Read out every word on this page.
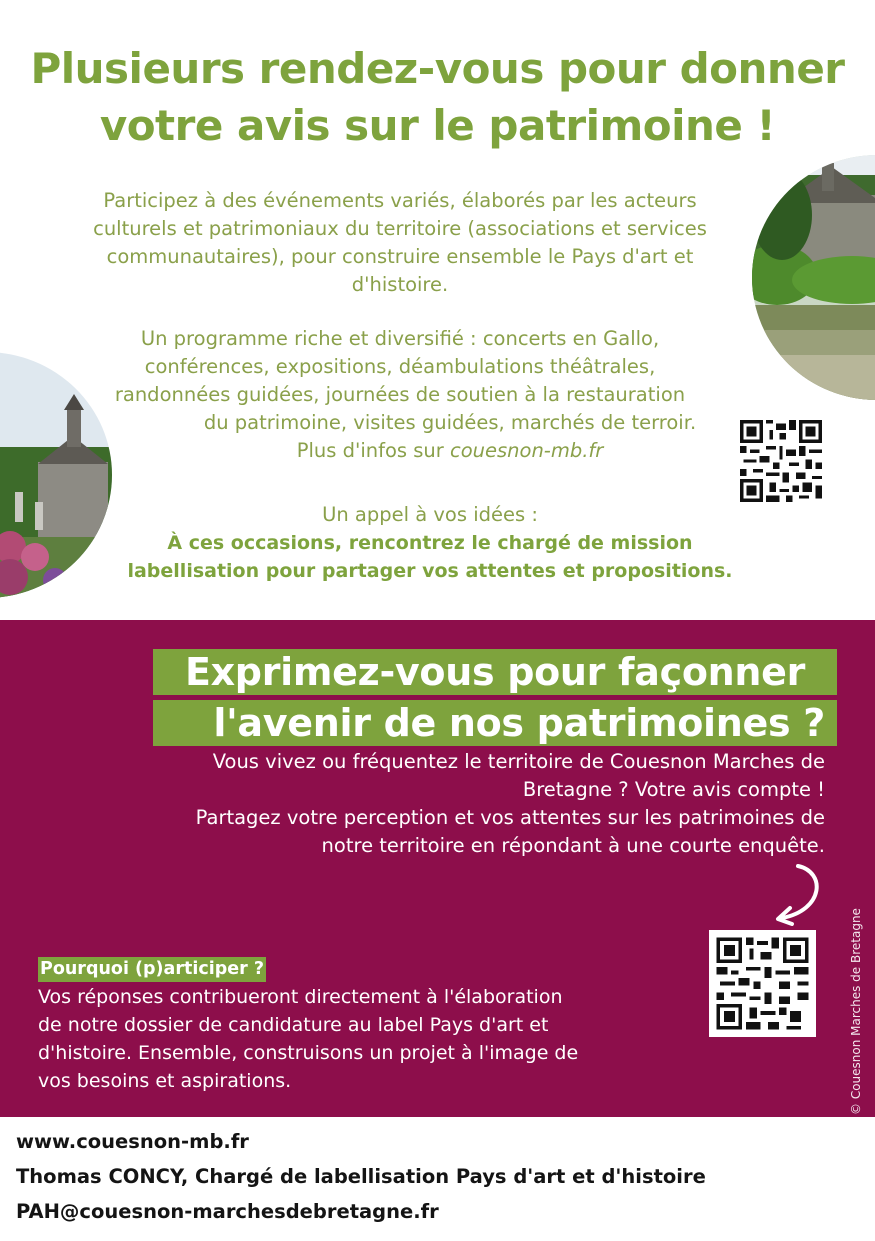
Plusieurs rendez-vous pour donner
votre avis sur le patrimoine !
Participez à des événements variés, élaborés par les acteurs
culturels et patrimoniaux du territoire (associations et services
communautaires), pour construire ensemble le Pays d'art et
d'histoire.
Un programme riche et diversifié : concerts en Gallo,
conférences, expositions, déambulations théâtrales,
randonnées guidées, journées de soutien à la restauration
du patrimoine, visites guidées, marchés de terroir.
Plus d'infos sur couesnon-mb.fr
Un appel à vos idées :
À ces occasions, rencontrez le chargé de mission
labellisation pour partager vos attentes et propositions.
Exprimez-vous pour façonner
l'avenir de nos patrimoines ?
Vous vivez ou fréquentez le territoire de Couesnon Marches de
Bretagne ? Votre avis compte !
Partagez votre perception et vos attentes sur les patrimoines de
notre territoire en répondant à une courte enquête.
Pourquoi (p)articiper ?
Vos réponses contribueront directement à l'élaboration
de notre dossier de candidature au label Pays d'art et
d'histoire. Ensemble, construisons un projet à l'image de
vos besoins et aspirations.	© Couesnon Marches de Bretagne
www.couesnon-mb.fr
Thomas CONCY, Chargé de labellisation Pays d'art et d'histoire
PAH@couesnon-marchesdebretagne.fr
